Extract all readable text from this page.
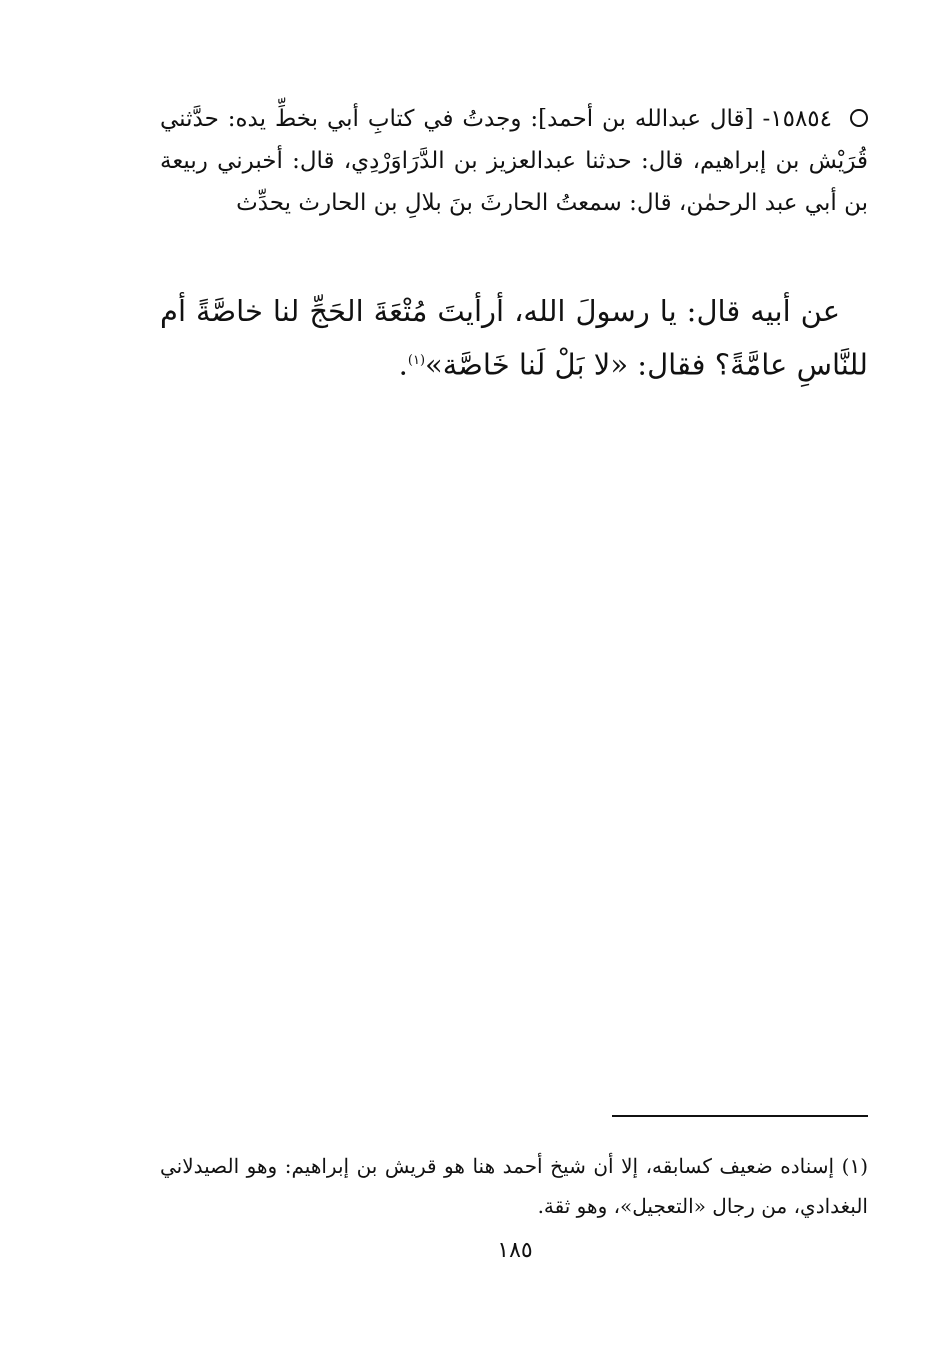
١٥٨٥٤- [قال عبدالله بن أحمد]: وجدتُ في كتابِ أبي بخطِّ يده: حدَّثني قُرَيْش بن إبراهيم، قال: حدثنا عبدالعزيز بن الدَّرَاوَرْدِي، قال: أخبرني ربيعة بن أبي عبد الرحمٰن، قال: سمعتُ الحارثَ بنَ بلالِ بن الحارث يحدِّث

عن أبيه قال: يا رسولَ الله، أرأيتَ مُتْعَةَ الحَجِّ لنا خاصَّةً أم للنَّاسِ عامَّةً؟ فقال: «لا بَلْ لَنا خَاصَّة»$^{(١)}$.

(١) إسناده ضعيف كسابقه، إلا أن شيخ أحمد هنا هو قريش بن إبراهيم: وهو الصيدلاني البغدادي، من رجال «التعجيل»، وهو ثقة.

١٨٥
